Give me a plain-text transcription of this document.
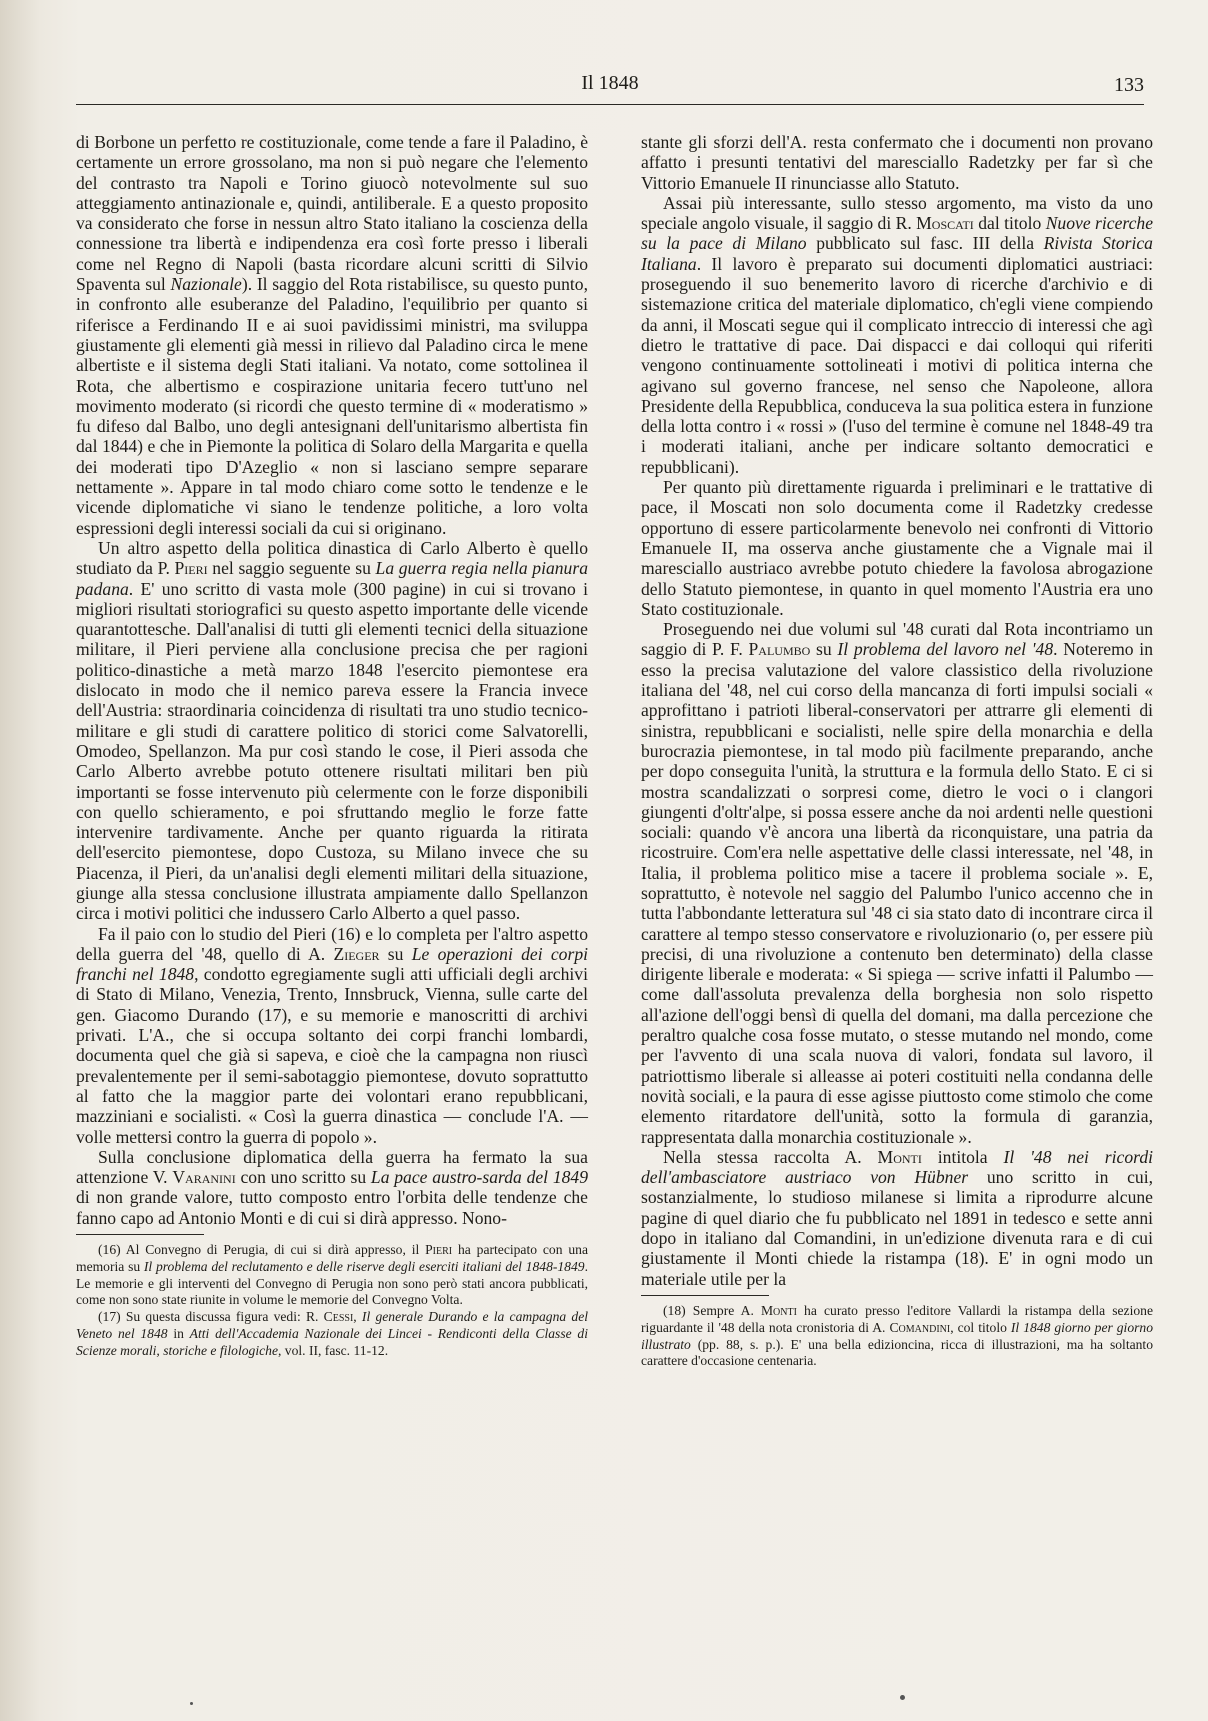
Il 1848	133

di Borbone un perfetto re costituzionale, come tende a fare il Paladino, è certamente un errore grossolano, ma non si può negare che l'elemento del contrasto tra Napoli e Torino giuocò notevolmente sul suo atteggiamento antinazionale e, quindi, antiliberale. E a questo proposito va considerato che forse in nessun altro Stato italiano la coscienza della connessione tra libertà e indipendenza era così forte presso i liberali come nel Regno di Napoli (basta ricordare alcuni scritti di Silvio Spaventa sul Nazionale). Il saggio del Rota ristabilisce, su questo punto, in confronto alle esuberanze del Paladino, l'equilibrio per quanto si riferisce a Ferdinando II e ai suoi pavidissimi ministri, ma sviluppa giustamente gli elementi già messi in rilievo dal Paladino circa le mene albertiste e il sistema degli Stati italiani. Va notato, come sottolinea il Rota, che albertismo e cospirazione unitaria fecero tutt'uno nel movimento moderato (si ricordi che questo termine di « moderatismo » fu difeso dal Balbo, uno degli antesignani dell'unitarismo albertista fin dal 1844) e che in Piemonte la politica di Solaro della Margarita e quella dei moderati tipo D'Azeglio « non si lasciano sempre separare nettamente ». Appare in tal modo chiaro come sotto le tendenze e le vicende diplomatiche vi siano le tendenze politiche, a loro volta espressioni degli interessi sociali da cui si originano.

Un altro aspetto della politica dinastica di Carlo Alberto è quello studiato da P. Pieri nel saggio seguente su La guerra regia nella pianura padana. E' uno scritto di vasta mole (300 pagine) in cui si trovano i migliori risultati storiografici su questo aspetto importante delle vicende quarantottesche. Dall'analisi di tutti gli elementi tecnici della situazione militare, il Pieri perviene alla conclusione precisa che per ragioni politico-dinastiche a metà marzo 1848 l'esercito piemontese era dislocato in modo che il nemico pareva essere la Francia invece dell'Austria: straordinaria coincidenza di risultati tra uno studio tecnico-militare e gli studi di carattere politico di storici come Salvatorelli, Omodeo, Spellanzon. Ma pur così stando le cose, il Pieri assoda che Carlo Alberto avrebbe potuto ottenere risultati militari ben più importanti se fosse intervenuto più celermente con le forze disponibili con quello schieramento, e poi sfruttando meglio le forze fatte intervenire tardivamente. Anche per quanto riguarda la ritirata dell'esercito piemontese, dopo Custoza, su Milano invece che su Piacenza, il Pieri, da un'analisi degli elementi militari della situazione, giunge alla stessa conclusione illustrata ampiamente dallo Spellanzon circa i motivi politici che indussero Carlo Alberto a quel passo.

Fa il paio con lo studio del Pieri (16) e lo completa per l'altro aspetto della guerra del '48, quello di A. Zieger su Le operazioni dei corpi franchi nel 1848, condotto egregiamente sugli atti ufficiali degli archivi di Stato di Milano, Venezia, Trento, Innsbruck, Vienna, sulle carte del gen. Giacomo Durando (17), e su memorie e manoscritti di archivi privati. L'A., che si occupa soltanto dei corpi franchi lombardi, documenta quel che già si sapeva, e cioè che la campagna non riuscì prevalentemente per il semi-sabotaggio piemontese, dovuto soprattutto al fatto che la maggior parte dei volontari erano repubblicani, mazziniani e socialisti. « Così la guerra dinastica — conclude l'A. — volle mettersi contro la guerra di popolo ».

Sulla conclusione diplomatica della guerra ha fermato la sua attenzione V. Varanini con uno scritto su La pace austro-sarda del 1849 di non grande valore, tutto composto entro l'orbita delle tendenze che fanno capo ad Antonio Monti e di cui si dirà appresso. Nono-

(16) Al Convegno di Perugia, di cui si dirà appresso, il Pieri ha partecipato con una memoria su Il problema del reclutamento e delle riserve degli eserciti italiani del 1848-1849. Le memorie e gli interventi del Convegno di Perugia non sono però stati ancora pubblicati, come non sono state riunite in volume le memorie del Convegno Volta.

(17) Su questa discussa figura vedi: R. Cessi, Il generale Durando e la campagna del Veneto nel 1848 in Atti dell'Accademia Nazionale dei Lincei - Rendiconti della Classe di Scienze morali, storiche e filologiche, vol. II, fasc. 11-12.

stante gli sforzi dell'A. resta confermato che i documenti non provano affatto i presunti tentativi del maresciallo Radetzky per far sì che Vittorio Emanuele II rinunciasse allo Statuto.

Assai più interessante, sullo stesso argomento, ma visto da uno speciale angolo visuale, il saggio di R. Moscati dal titolo Nuove ricerche su la pace di Milano pubblicato sul fasc. III della Rivista Storica Italiana. Il lavoro è preparato sui documenti diplomatici austriaci: proseguendo il suo benemerito lavoro di ricerche d'archivio e di sistemazione critica del materiale diplomatico, ch'egli viene compiendo da anni, il Moscati segue qui il complicato intreccio di interessi che agì dietro le trattative di pace. Dai dispacci e dai colloqui qui riferiti vengono continuamente sottolineati i motivi di politica interna che agivano sul governo francese, nel senso che Napoleone, allora Presidente della Repubblica, conduceva la sua politica estera in funzione della lotta contro i « rossi » (l'uso del termine è comune nel 1848-49 tra i moderati italiani, anche per indicare soltanto democratici e repubblicani).

Per quanto più direttamente riguarda i preliminari e le trattative di pace, il Moscati non solo documenta come il Radetzky credesse opportuno di essere particolarmente benevolo nei confronti di Vittorio Emanuele II, ma osserva anche giustamente che a Vignale mai il maresciallo austriaco avrebbe potuto chiedere la favolosa abrogazione dello Statuto piemontese, in quanto in quel momento l'Austria era uno Stato costituzionale.

Proseguendo nei due volumi sul '48 curati dal Rota incontriamo un saggio di P. F. Palumbo su Il problema del lavoro nel '48. Noteremo in esso la precisa valutazione del valore classistico della rivoluzione italiana del '48, nel cui corso della mancanza di forti impulsi sociali « approfittano i patrioti liberal-conservatori per attrarre gli elementi di sinistra, repubblicani e socialisti, nelle spire della monarchia e della burocrazia piemontese, in tal modo più facilmente preparando, anche per dopo conseguita l'unità, la struttura e la formula dello Stato. E ci si mostra scandalizzati o sorpresi come, dietro le voci o i clangori giungenti d'oltr'alpe, si possa essere anche da noi ardenti nelle questioni sociali: quando v'è ancora una libertà da riconquistare, una patria da ricostruire. Com'era nelle aspettative delle classi interessate, nel '48, in Italia, il problema politico mise a tacere il problema sociale ». E, soprattutto, è notevole nel saggio del Palumbo l'unico accenno che in tutta l'abbondante letteratura sul '48 ci sia stato dato di incontrare circa il carattere al tempo stesso conservatore e rivoluzionario (o, per essere più precisi, di una rivoluzione a contenuto ben determinato) della classe dirigente liberale e moderata: « Si spiega — scrive infatti il Palumbo — come dall'assoluta prevalenza della borghesia non solo rispetto all'azione dell'oggi bensì di quella del domani, ma dalla percezione che peraltro qualche cosa fosse mutato, o stesse mutando nel mondo, come per l'avvento di una scala nuova di valori, fondata sul lavoro, il patriottismo liberale si alleasse ai poteri costituiti nella condanna delle novità sociali, e la paura di esse agisse piuttosto come stimolo che come elemento ritardatore dell'unità, sotto la formula di garanzia, rappresentata dalla monarchia costituzionale ».

Nella stessa raccolta A. Monti intitola Il '48 nei ricordi dell'ambasciatore austriaco von Hübner uno scritto in cui, sostanzialmente, lo studioso milanese si limita a riprodurre alcune pagine di quel diario che fu pubblicato nel 1891 in tedesco e sette anni dopo in italiano dal Comandini, in un'edizione divenuta rara e di cui giustamente il Monti chiede la ristampa (18). E' in ogni modo un materiale utile per la

(18) Sempre A. Monti ha curato presso l'editore Vallardi la ristampa della sezione riguardante il '48 della nota cronistoria di A. Comandini, col titolo Il 1848 giorno per giorno illustrato (pp. 88, s. p.). E' una bella edizioncina, ricca di illustrazioni, ma ha soltanto carattere d'occasione centenaria.
